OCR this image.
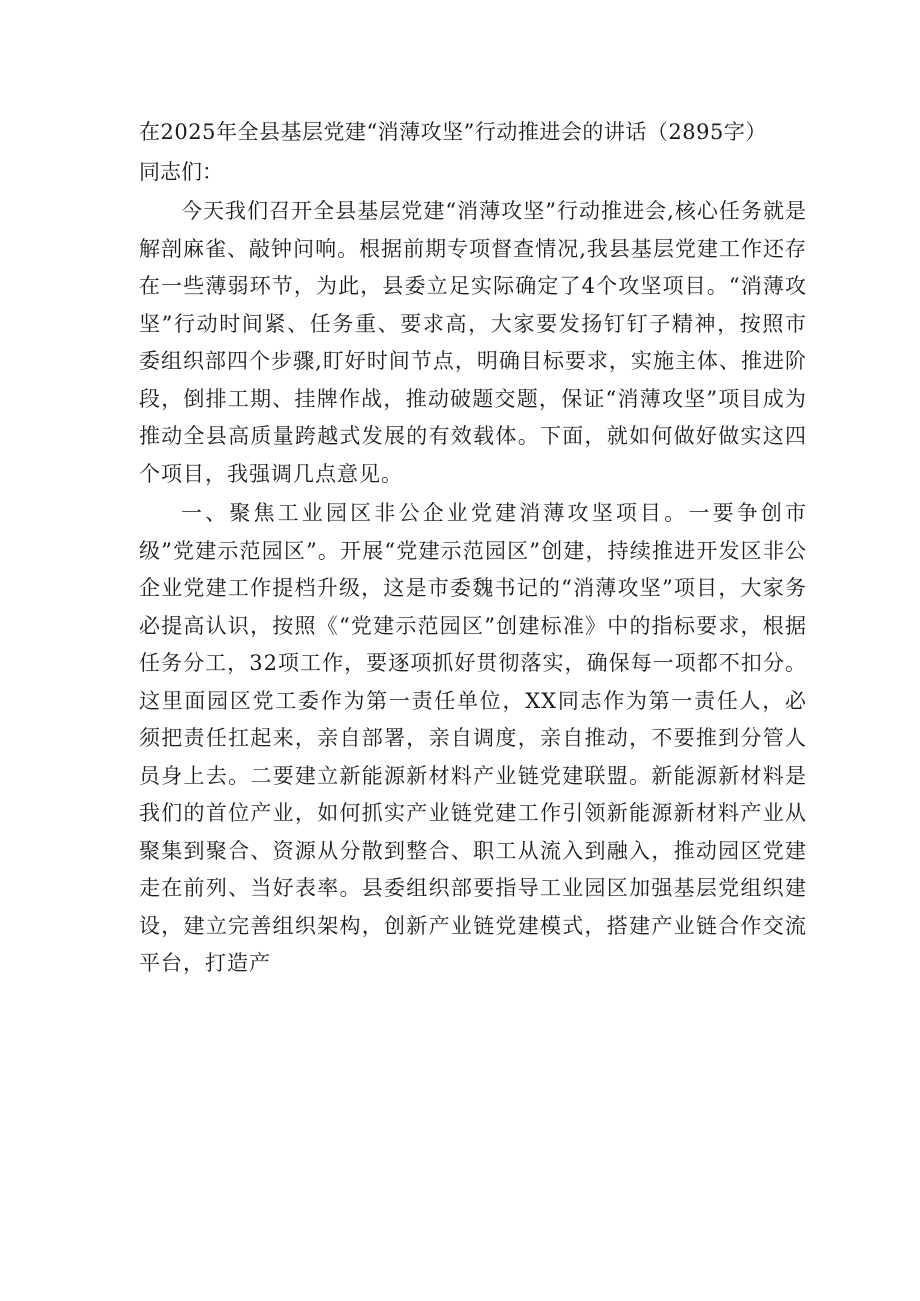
在2025年全县基层党建“消薄攻坚”行动推进会的讲话（2895字）

同志们：

今天我们召开全县基层党建“消薄攻坚”行动推进会,核心任务就是解剖麻雀、敲钟问响。根据前期专项督查情况,我县基层党建工作还存在一些薄弱环节，为此，县委立足实际确定了4个攻坚项目。“消薄攻坚”行动时间紧、任务重、要求高，大家要发扬钉钉子精神，按照市委组织部四个步骤,盯好时间节点，明确目标要求，实施主体、推进阶段，倒排工期、挂牌作战，推动破题交题，保证“消薄攻坚”项目成为推动全县高质量跨越式发展的有效载体。下面，就如何做好做实这四个项目，我强调几点意见。

一、聚焦工业园区非公企业党建消薄攻坚项目。一要争创市级”党建示范园区”。开展“党建示范园区”创建，持续推进开发区非公企业党建工作提档升级，这是市委魏书记的“消薄攻坚”项目，大家务必提高认识，按照《“党建示范园区”创建标准》中的指标要求，根据任务分工，32项工作，要逐项抓好贯彻落实，确保每一项都不扣分。这里面园区党工委作为第一责任单位，XX同志作为第一责任人，必须把责任扛起来，亲自部署，亲自调度，亲自推动，不要推到分管人员身上去。二要建立新能源新材料产业链党建联盟。新能源新材料是我们的首位产业，如何抓实产业链党建工作引领新能源新材料产业从聚集到聚合、资源从分散到整合、职工从流入到融入，推动园区党建走在前列、当好表率。县委组织部要指导工业园区加强基层党组织建设，建立完善组织架构，创新产业链党建模式，搭建产业链合作交流平台，打造产
